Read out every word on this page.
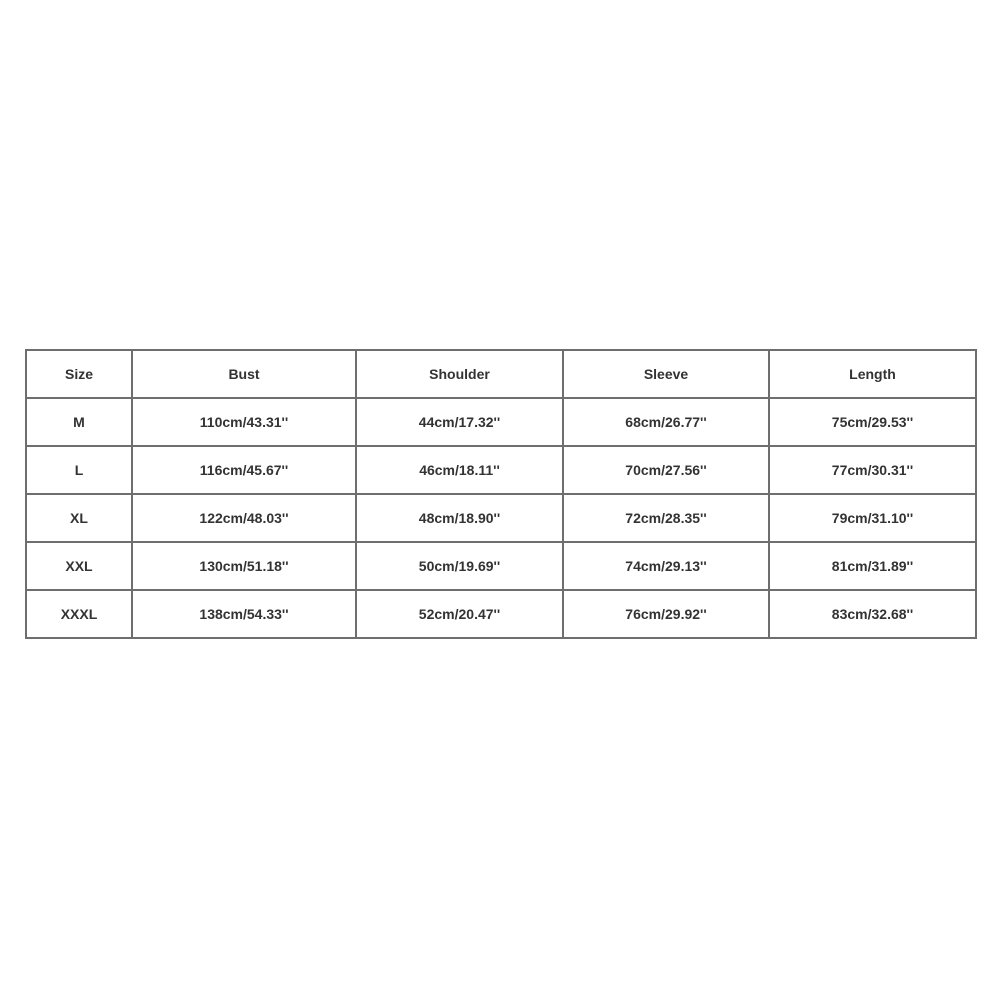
Size	Bust	Shoulder	Sleeve	Length
M	110cm/43.31''	44cm/17.32''	68cm/26.77''	75cm/29.53''
L	116cm/45.67''	46cm/18.11''	70cm/27.56''	77cm/30.31''
XL	122cm/48.03''	48cm/18.90''	72cm/28.35''	79cm/31.10''
XXL	130cm/51.18''	50cm/19.69''	74cm/29.13''	81cm/31.89''
XXXL	138cm/54.33''	52cm/20.47''	76cm/29.92''	83cm/32.68''
